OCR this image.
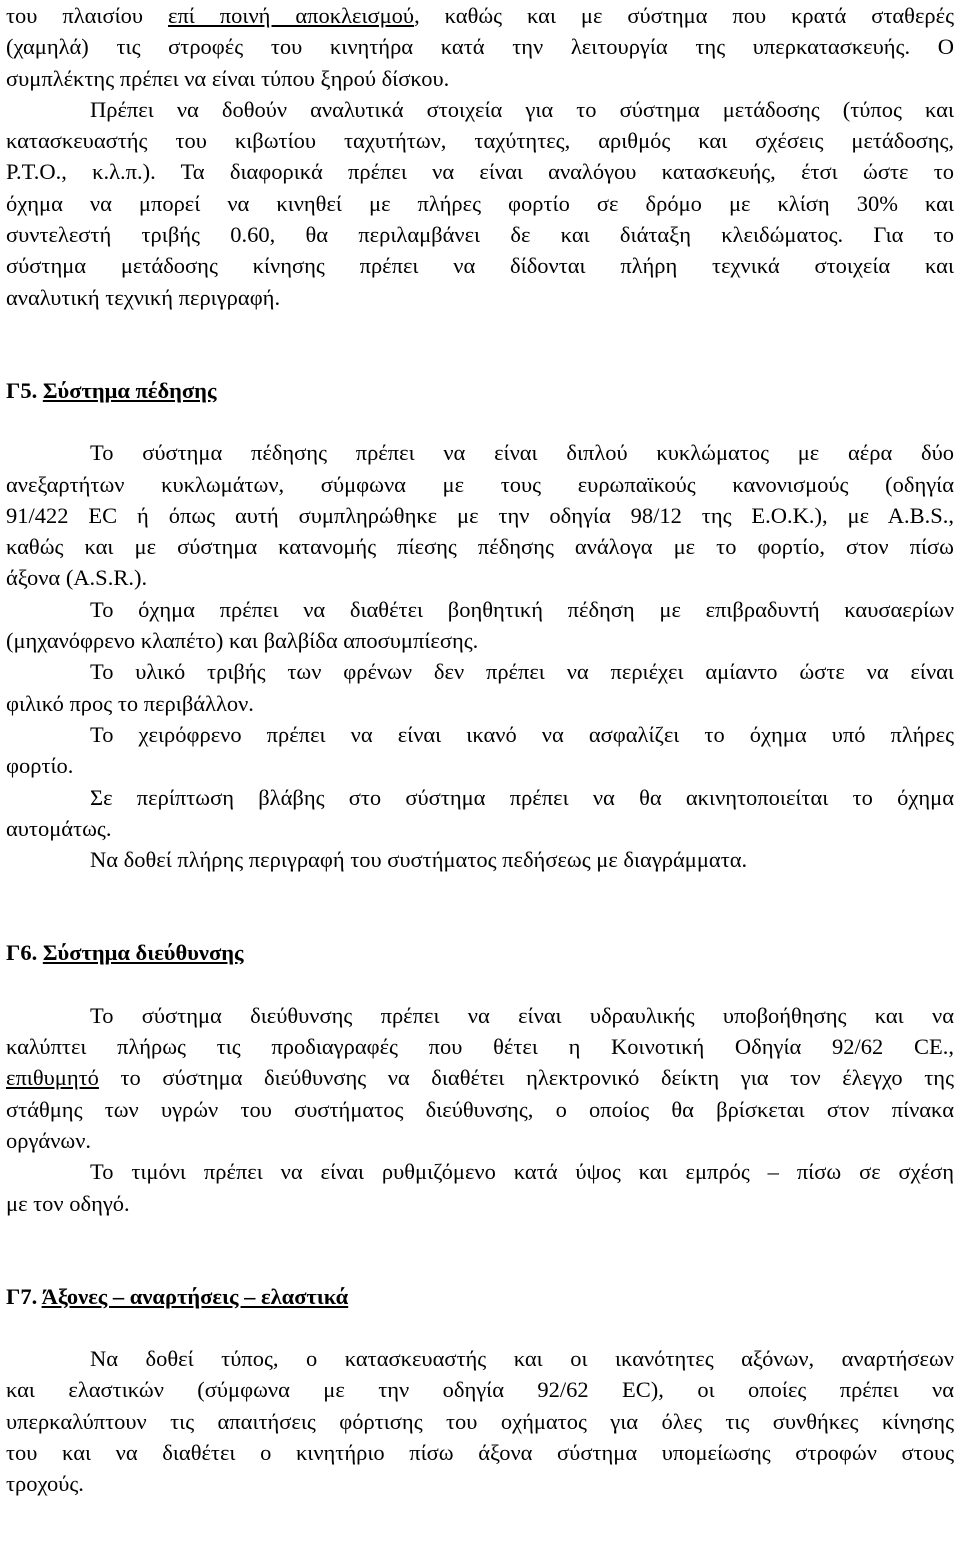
του πλαισίου επί ποινή αποκλεισμού, καθώς και με σύστημα που κρατά σταθερές
(χαμηλά) τις στροφές του κινητήρα κατά την λειτουργία της υπερκατασκευής. Ο
συμπλέκτης πρέπει να είναι τύπου ξηρού δίσκου.
Πρέπει να δοθούν αναλυτικά στοιχεία για το σύστημα μετάδοσης (τύπος και
κατασκευαστής του κιβωτίου ταχυτήτων, ταχύτητες, αριθμός και σχέσεις μετάδοσης,
Ρ.Τ.Ο., κ.λ.π.). Τα διαφορικά πρέπει να είναι αναλόγου κατασκευής, έτσι ώστε το
όχημα να μπορεί να κινηθεί με πλήρες φορτίο σε δρόμο με κλίση 30% και
συντελεστή τριβής 0.60, θα περιλαμβάνει δε και διάταξη κλειδώματος. Για το
σύστημα μετάδοσης κίνησης πρέπει να δίδονται πλήρη τεχνικά στοιχεία και
αναλυτική τεχνική περιγραφή.
Γ5. Σύστημα πέδησης
Το σύστημα πέδησης πρέπει να είναι διπλού κυκλώματος με αέρα δύο
ανεξαρτήτων κυκλωμάτων, σύμφωνα με τους ευρωπαϊκούς κανονισμούς (οδηγία
91/422 ΕC ή όπως αυτή συμπληρώθηκε με την οδηγία 98/12 της Ε.Ο.Κ.), με Α.Β.S.,
καθώς και με σύστημα κατανομής πίεσης πέδησης ανάλογα με το φορτίο, στον πίσω
άξονα (A.S.R.).
Το όχημα πρέπει να διαθέτει βοηθητική πέδηση με επιβραδυντή καυσαερίων
(μηχανόφρενο κλαπέτο) και βαλβίδα αποσυμπίεσης.
Το υλικό τριβής των φρένων δεν πρέπει να περιέχει αμίαντο ώστε να είναι
φιλικό προς το περιβάλλον.
Το χειρόφρενο πρέπει να είναι ικανό να ασφαλίζει το όχημα υπό πλήρες
φορτίο.
Σε περίπτωση βλάβης στο σύστημα πρέπει να θα ακινητοποιείται το όχημα
αυτομάτως.
Να δοθεί πλήρης περιγραφή του συστήματος πεδήσεως με διαγράμματα.
Γ6. Σύστημα διεύθυνσης
Το σύστημα διεύθυνσης πρέπει να είναι υδραυλικής υποβοήθησης και να
καλύπτει πλήρως τις προδιαγραφές που θέτει η Κοινοτική Οδηγία 92/62 CE.,
επιθυμητό το σύστημα διεύθυνσης να διαθέτει ηλεκτρονικό δείκτη για τον έλεγχο της
στάθμης των υγρών του συστήματος διεύθυνσης, ο οποίος θα βρίσκεται στον πίνακα
οργάνων.
Το τιμόνι πρέπει να είναι ρυθμιζόμενο κατά ύψος και εμπρός – πίσω σε σχέση
με τον οδηγό.
Γ7. Άξονες – αναρτήσεις – ελαστικά
Να δοθεί τύπος, ο κατασκευαστής και οι ικανότητες αξόνων, αναρτήσεων
και ελαστικών (σύμφωνα με την οδηγία 92/62 EC), οι οποίες πρέπει να
υπερκαλύπτουν τις απαιτήσεις φόρτισης του οχήματος για όλες τις συνθήκες κίνησης
του και να διαθέτει ο κινητήριο πίσω άξονα σύστημα υπομείωσης στροφών στους
τροχούς.
